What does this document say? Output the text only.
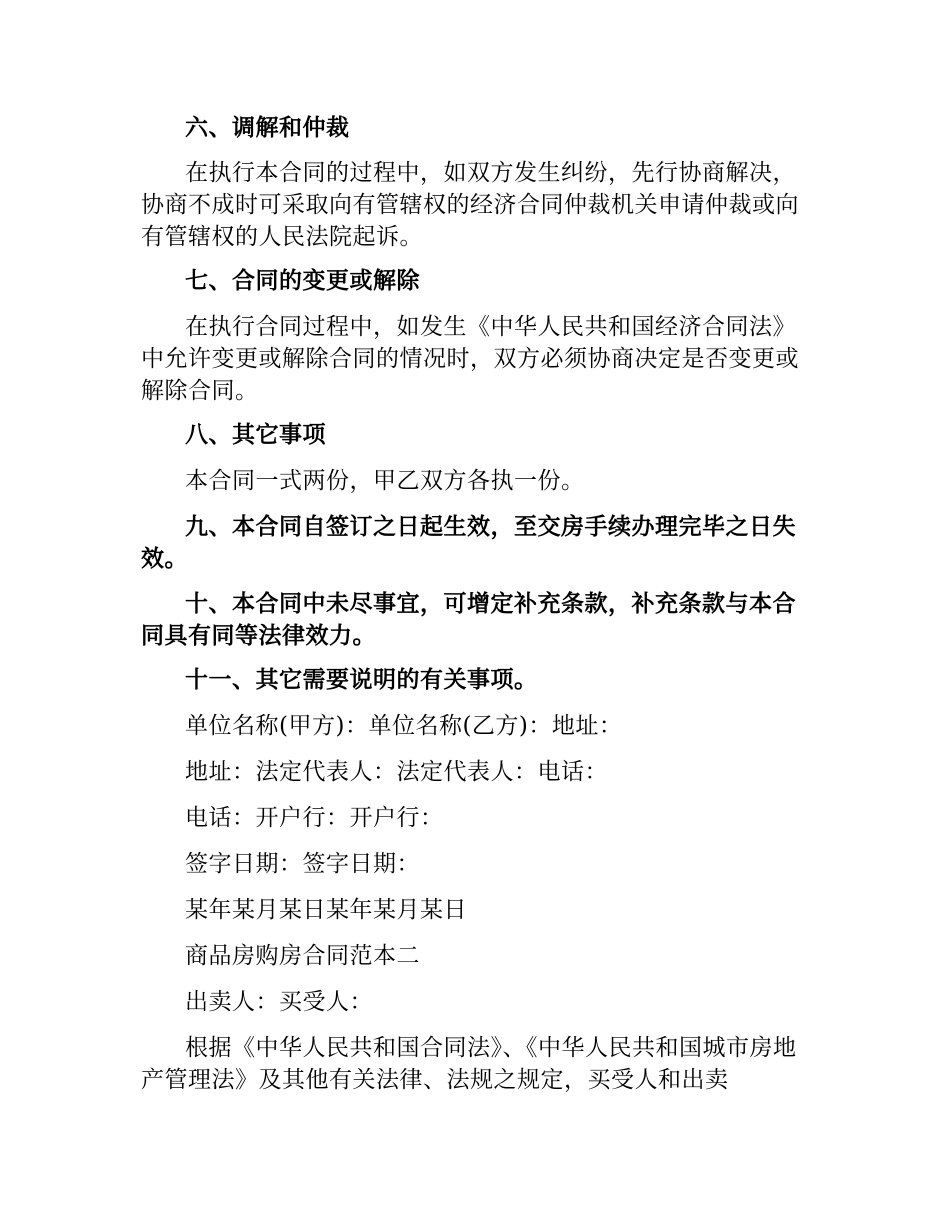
六、调解和仲裁
在执行本合同的过程中，如双方发生纠纷，先行协商解决，协商不成时可采取向有管辖权的经济合同仲裁机关申请仲裁或向有管辖权的人民法院起诉。
七、合同的变更或解除
在执行合同过程中，如发生《中华人民共和国经济合同法》中允许变更或解除合同的情况时，双方必须协商决定是否变更或解除合同。
八、其它事项
本合同一式两份，甲乙双方各执一份。
九、本合同自签订之日起生效，至交房手续办理完毕之日失效。
十、本合同中未尽事宜，可增定补充条款，补充条款与本合同具有同等法律效力。
十一、其它需要说明的有关事项。
单位名称(甲方)：单位名称(乙方)：地址：
地址：法定代表人：法定代表人：电话：
电话：开户行：开户行：
签字日期：签字日期：
某年某月某日某年某月某日
商品房购房合同范本二
出卖人：买受人：
根据《中华人民共和国合同法》、《中华人民共和国城市房地产管理法》及其他有关法律、法规之规定，买受人和出卖
